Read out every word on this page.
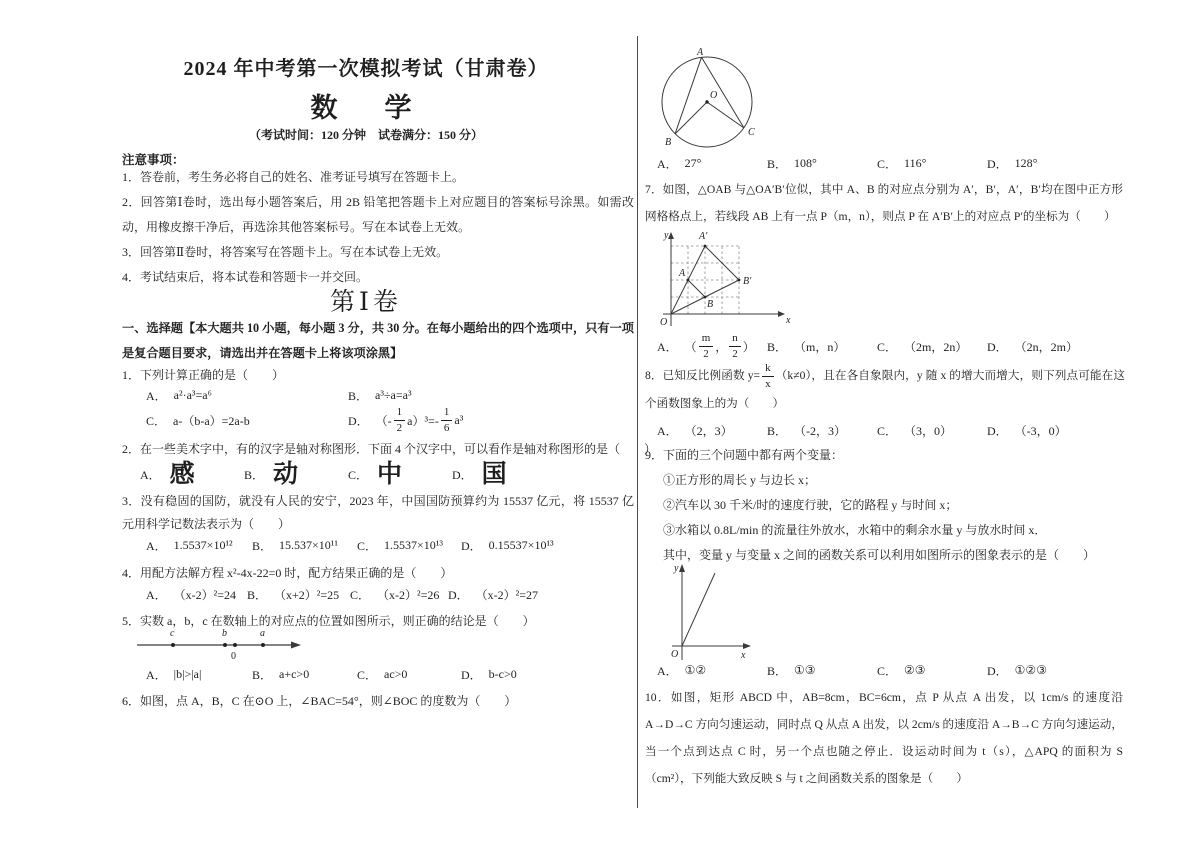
2024 年中考第一次模拟考试（甘肃卷）
数　学
（考试时间：120 分钟　试卷满分：150 分）
注意事项：

1．答卷前，考生务必将自己的姓名、准考证号填写在答题卡上。

2．回答第Ⅰ卷时，选出每小题答案后，用 2B 铅笔把答题卡上对应题目的答案标号涂黑。如需改动，用橡皮擦干净后，再选涂其他答案标号。写在本试卷上无效。

3．回答第Ⅱ卷时，将答案写在答题卡上。写在本试卷上无效。

4．考试结束后，将本试卷和答题卡一并交回。

第Ⅰ卷
一、选择题【本大题共 10 小题，每小题 3 分，共 30 分。在每小题给出的四个选项中，只有一项是复合题目要求，请选出并在答题卡上将该项涂黑】
1．下列计算正确的是（　　）
A． a²·a³=a⁶	B． a³÷a=a³
C． a-（b-a）=2a-b	D． （- $\frac{1}{2} a)^3=- \frac{1}{6} a^3$
2．在一些美术字中，有的汉字是轴对称图形．下面 4 个汉字中，可以看作是轴对称图形的是（　　）
A． 感	B． 动	C． 中	D． 国
3．没有稳固的国防，就没有人民的安宁，2023 年，中国国防预算约为 15537 亿元，将 15537 亿元用科学记数法表示为（　　）
A． 1.5537×10¹² B． 15.537×10¹¹ C． 1.5537×10¹³ D． 0.15537×10¹³
4．用配方法解方程 x²-4x-22=0 时，配方结果正确的是（　　）
A． （x-2）²=24 B． （x+2）²=25 C． （x-2）²=26 D． （x-2）²=27
5．实数 a，b，c 在数轴上的对应点的位置如图所示，则正确的结论是（　　）
c	b
0
a
A． |b|>|a|	B． a+c>0	C． ac>0	D． b-c>0
6．如图，点 A，B，C 在⊙O 上，∠BAC=54°，则∠BOC 的度数为（　　）
A
O
B
C
A． 27°	B． 108°	C． 116°	D． 128°
7．如图，△OAB 与△OA′B′位似，其中 A、B 的对应点分别为 A′，B′，A′，B′均在图中正方形网格格点上，若线段 AB 上有一点 P（m，n），则点 P 在 A′B′上的对应点 P′的坐标为（　　）
y
x
O
A
B
A′
B′
A． （ $\frac{m}{2}$ ， $\frac{n}{2}$ ） B． （m，n）	C． （2m，2n） D． （2n，2m）
8．已知反比例函数 $y= \frac{k}{x} (k\ne 0)$，且在各自象限内，y 随 x 的增大而增大，则下列点可能在这个函数图象上的为（　　）
A． （2，3）	B． （-2，3）	C． （3，0）	D． （-3，0）
9．下面的三个问题中都有两个变量：
①正方形的周长 y 与边长 x；
②汽车以 30 千米/时的速度行驶，它的路程 y 与时间 x；
③水箱以 0.8L/min 的流量往外放水，水箱中的剩余水量 y 与放水时间 x．
其中，变量 y 与变量 x 之间的函数关系可以利用如图所示的图象表示的是（　　）
y
x
O
A． ①②	B． ①③	C． ②③	D． ①②③
10．如图，矩形 ABCD 中，AB=8cm，BC=6cm，点 P 从点 A 出发，以 1cm/s 的速度沿 A→D→C 方向匀速运动，同时点 Q 从点 A 出发，以 2cm/s 的速度沿 A→B→C 方向匀速运动，当一个点到达点 C 时，另一个点也随之停止．设运动时间为 t（s），△APQ 的面积为 S（cm²），下列能大致反映 S 与 t 之间函数关系的图象是（　　）
